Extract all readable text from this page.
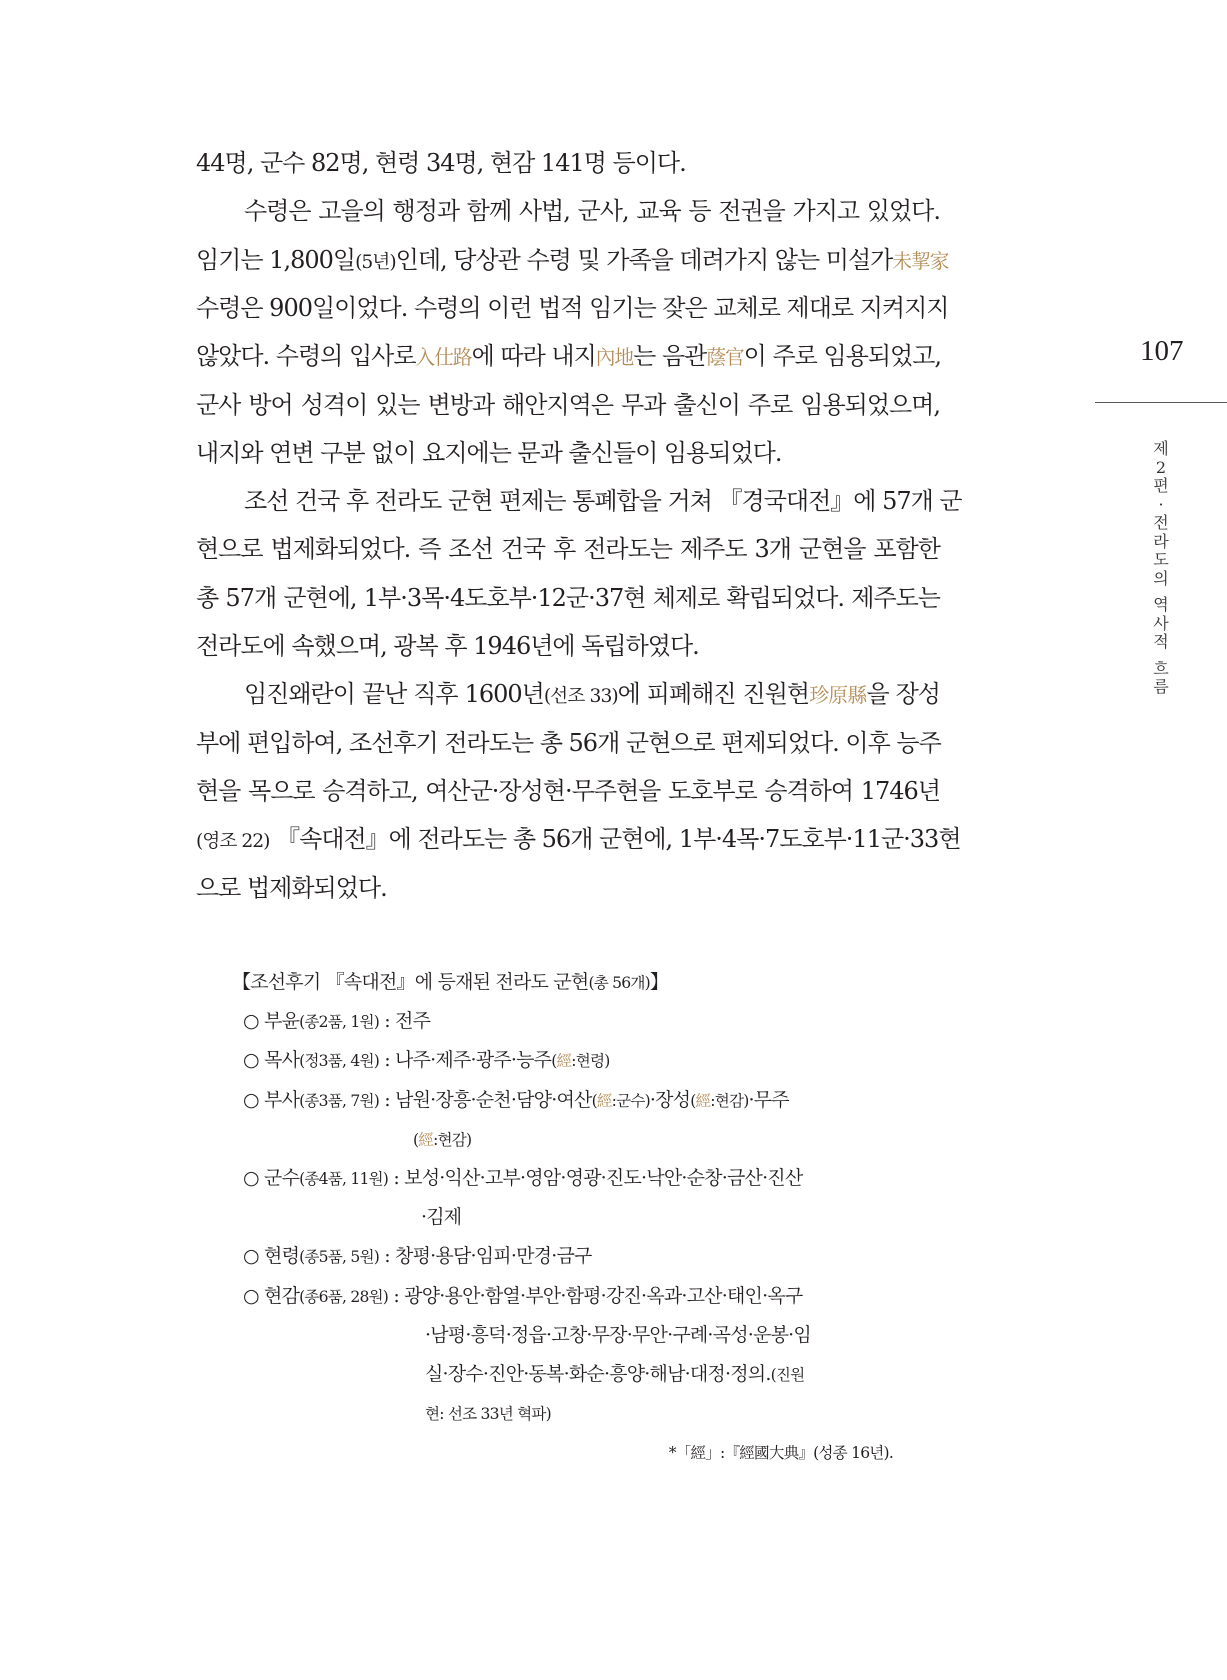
107
제
2
편
·
전
라
도
의

역
사
적

흐
름
44명, 군수 82명, 현령 34명, 현감 141명 등이다.
수령은 고을의 행정과 함께 사법, 군사, 교육 등 전권을 가지고 있었다.
임기는 1,800일(5년)인데, 당상관 수령 및 가족을 데려가지 않는 미설가未挈家
수령은 900일이었다. 수령의 이런 법적 임기는 잦은 교체로 제대로 지켜지지
않았다. 수령의 입사로入仕路에 따라 내지內地는 음관蔭官이 주로 임용되었고,
군사 방어 성격이 있는 변방과 해안지역은 무과 출신이 주로 임용되었으며,
내지와 연변 구분 없이 요지에는 문과 출신들이 임용되었다.
조선 건국 후 전라도 군현 편제는 통폐합을 거쳐 『경국대전』에 57개 군
현으로 법제화되었다. 즉 조선 건국 후 전라도는 제주도 3개 군현을 포함한
총 57개 군현에, 1부·3목·4도호부·12군·37현 체제로 확립되었다. 제주도는
전라도에 속했으며, 광복 후 1946년에 독립하였다.
임진왜란이 끝난 직후 1600년(선조 33)에 피폐해진 진원현珍原縣을 장성
부에 편입하여, 조선후기 전라도는 총 56개 군현으로 편제되었다. 이후 능주
현을 목으로 승격하고, 여산군·장성현·무주현을 도호부로 승격하여 1746년
(영조 22) 『속대전』에 전라도는 총 56개 군현에, 1부·4목·7도호부·11군·33현
으로 법제화되었다.
【조선후기 『속대전』에 등재된 전라도 군현(총 56개)】
○ 부윤(종2품, 1원) : 전주
○ 목사(정3품, 4원) : 나주·제주·광주·능주(經:현령)
○ 부사(종3품, 7원) : 남원·장흥·순천·담양·여산(經:군수)·장성(經:현감)·무주
(經:현감)
○ 군수(종4품, 11원) : 보성·익산·고부·영암·영광·진도·낙안·순창·금산·진산
·김제
○ 현령(종5품, 5원) : 창평·용담·임피·만경·금구
○ 현감(종6품, 28원) : 광양·용안·함열·부안·함평·강진·옥과·고산·태인·옥구
·남평·흥덕·정읍·고창·무장·무안·구례·곡성·운봉·임
실·장수·진안·동복·화순·흥양·해남·대정·정의.(진원
현: 선조 33년 혁파)
*「經」:『經國大典』(성종 16년).
